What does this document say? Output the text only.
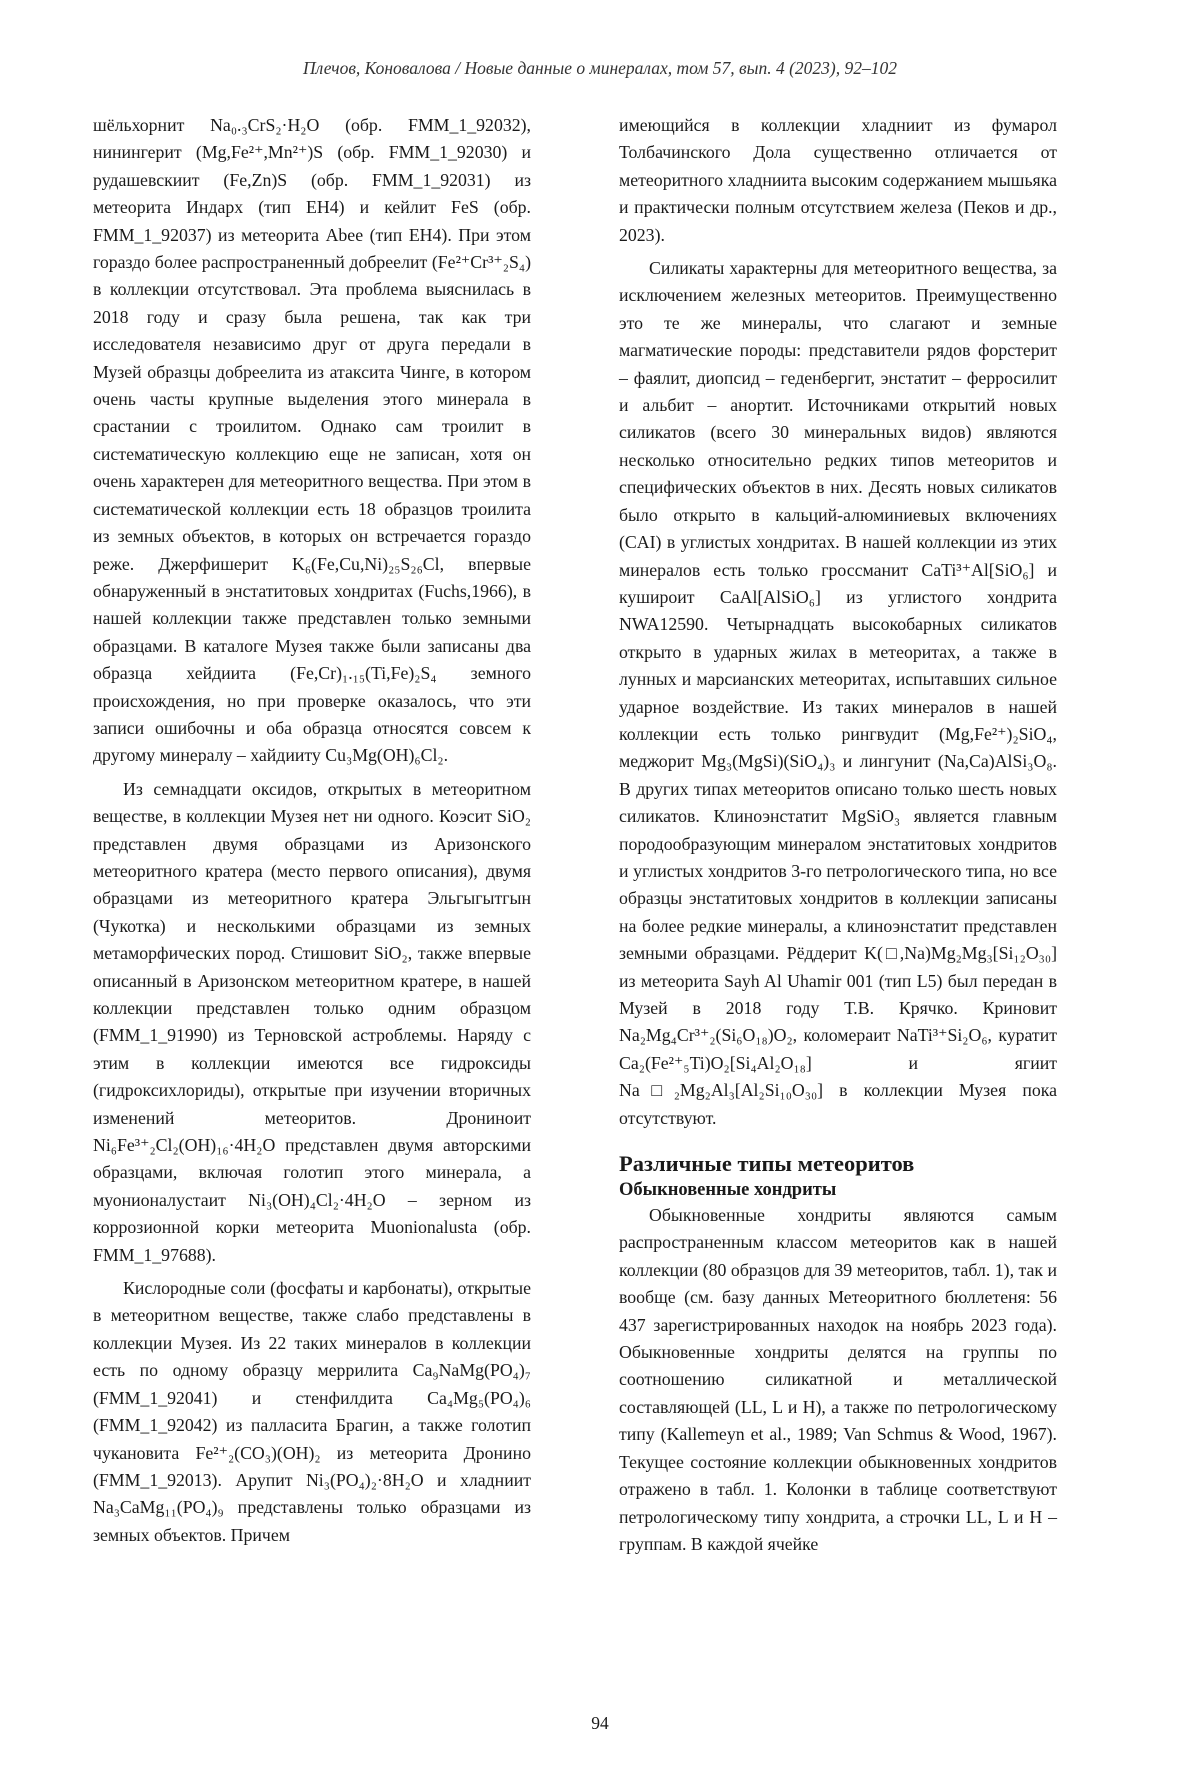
Плечов, Коновалова / Новые данные о минералах, том 57, вып. 4 (2023), 92–102

шёльхорнит Na₀.₃CrS₂·H₂O (обр. FMM_1_92032), нинингерит (Mg,Fe²⁺,Mn²⁺)S (обр. FMM_1_92030) и рудашевскиит (Fe,Zn)S (обр. FMM_1_92031) из метеорита Индарх (тип EH4) и кейлит FeS (обр. FMM_1_92037) из метеорита Abee (тип EH4). При этом гораздо более распространенный добреелит (Fe²⁺Cr³⁺₂S₄) в коллекции отсутствовал. Эта проблема выяснилась в 2018 году и сразу была решена, так как три исследователя независимо друг от друга передали в Музей образцы добреелита из атаксита Чинге, в котором очень часты крупные выделения этого минерала в срастании с троилитом. Однако сам троилит в систематическую коллекцию еще не записан, хотя он очень характерен для метеоритного вещества. При этом в систематической коллекции есть 18 образцов троилита из земных объектов, в которых он встречается гораздо реже. Джерфишерит K₆(Fe,Cu,Ni)₂₅S₂₆Cl, впервые обнаруженный в энстатитовых хондритах (Fuchs,1966), в нашей коллекции также представлен только земными образцами. В каталоге Музея также были записаны два образца хейдиита (Fe,Cr)₁.₁₅(Ti,Fe)₂S₄ земного происхождения, но при проверке оказалось, что эти записи ошибочны и оба образца относятся совсем к другому минералу – хайдииту Cu₃Mg(OH)₆Cl₂.

Из семнадцати оксидов, открытых в метеоритном веществе, в коллекции Музея нет ни одного. Коэсит SiO₂ представлен двумя образцами из Аризонского метеоритного кратера (место первого описания), двумя образцами из метеоритного кратера Эльгыгытгын (Чукотка) и несколькими образцами из земных метаморфических пород. Стишовит SiO₂, также впервые описанный в Аризонском метеоритном кратере, в нашей коллекции представлен только одним образцом (FMM_1_91990) из Терновской астроблемы. Наряду с этим в коллекции имеются все гидроксиды (гидроксихлориды), открытые при изучении вторичных изменений метеоритов. Дрониноит Ni₆Fe³⁺₂Cl₂(OH)₁₆·4H₂O представлен двумя авторскими образцами, включая голотип этого минерала, а муонионалустаит Ni₃(OH)₄Cl₂·4H₂O – зерном из коррозионной корки метеорита Muonionalusta (обр. FMM_1_97688).

Кислородные соли (фосфаты и карбонаты), открытые в метеоритном веществе, также слабо представлены в коллекции Музея. Из 22 таких минералов в коллекции есть по одному образцу меррилита Ca₉NaMg(PO₄)₇ (FMM_1_92041) и стенфилдита Ca₄Mg₅(PO₄)₆ (FMM_1_92042) из палласита Брагин, а также голотип чукановита Fe²⁺₂(CO₃)(OH)₂ из метеорита Дронино (FMM_1_92013). Арупит Ni₃(PO₄)₂·8H₂O и хладниит Na₃CaMg₁₁(PO₄)₉ представлены только образцами из земных объектов. Причем

имеющийся в коллекции хладниит из фумарол Толбачинского Дола существенно отличается от метеоритного хладниита высоким содержанием мышьяка и практически полным отсутствием железа (Пеков и др., 2023).

Силикаты характерны для метеоритного вещества, за исключением железных метеоритов. Преимущественно это те же минералы, что слагают и земные магматические породы: представители рядов форстерит – фаялит, диопсид – геденбергит, энстатит – ферросилит и альбит – анортит. Источниками открытий новых силикатов (всего 30 минеральных видов) являются несколько относительно редких типов метеоритов и специфических объектов в них. Десять новых силикатов было открыто в кальций-алюминиевых включениях (CAI) в углистых хондритах. В нашей коллекции из этих минералов есть только гроссманит CaTi³⁺Al[SiO₆] и кушироит CaAl[AlSiO₆] из углистого хондрита NWA12590. Четырнадцать высокобарных силикатов открыто в ударных жилах в метеоритах, а также в лунных и марсианских метеоритах, испытавших сильное ударное воздействие. Из таких минералов в нашей коллекции есть только рингвудит (Mg,Fe²⁺)₂SiO₄, меджорит Mg₃(MgSi)(SiO₄)₃ и лингунит (Na,Ca)AlSi₃O₈. В других типах метеоритов описано только шесть новых силикатов. Клиноэнстатит MgSiO₃ является главным породообразующим минералом энстатитовых хондритов и углистых хондритов 3-го петрологического типа, но все образцы энстатитовых хондритов в коллекции записаны на более редкие минералы, а клиноэнстатит представлен земными образцами. Рёддерит K(□,Na)Mg₂Mg₃[Si₁₂O₃₀] из метеорита Sayh Al Uhamir 001 (тип L5) был передан в Музей в 2018 году Т.В. Крячко. Криновит Na₂Mg₄Cr³⁺₂(Si₆O₁₈)O₂, коломераит NaTi³⁺Si₂O₆, куратит Ca₂(Fe²⁺₅Ti)O₂[Si₄Al₂O₁₈] и ягиит Na□₂Mg₂Al₃[Al₂Si₁₀O₃₀] в коллекции Музея пока отсутствуют.

Различные типы метеоритов
Обыкновенные хондриты

Обыкновенные хондриты являются самым распространенным классом метеоритов как в нашей коллекции (80 образцов для 39 метеоритов, табл. 1), так и вообще (см. базу данных Метеоритного бюллетеня: 56 437 зарегистрированных находок на ноябрь 2023 года). Обыкновенные хондриты делятся на группы по соотношению силикатной и металлической составляющей (LL, L и H), а также по петрологическому типу (Kallemeyn et al., 1989; Van Schmus & Wood, 1967). Текущее состояние коллекции обыкновенных хондритов отражено в табл. 1. Колонки в таблице соответствуют петрологическому типу хондрита, а строчки LL, L и H – группам. В каждой ячейке

94
